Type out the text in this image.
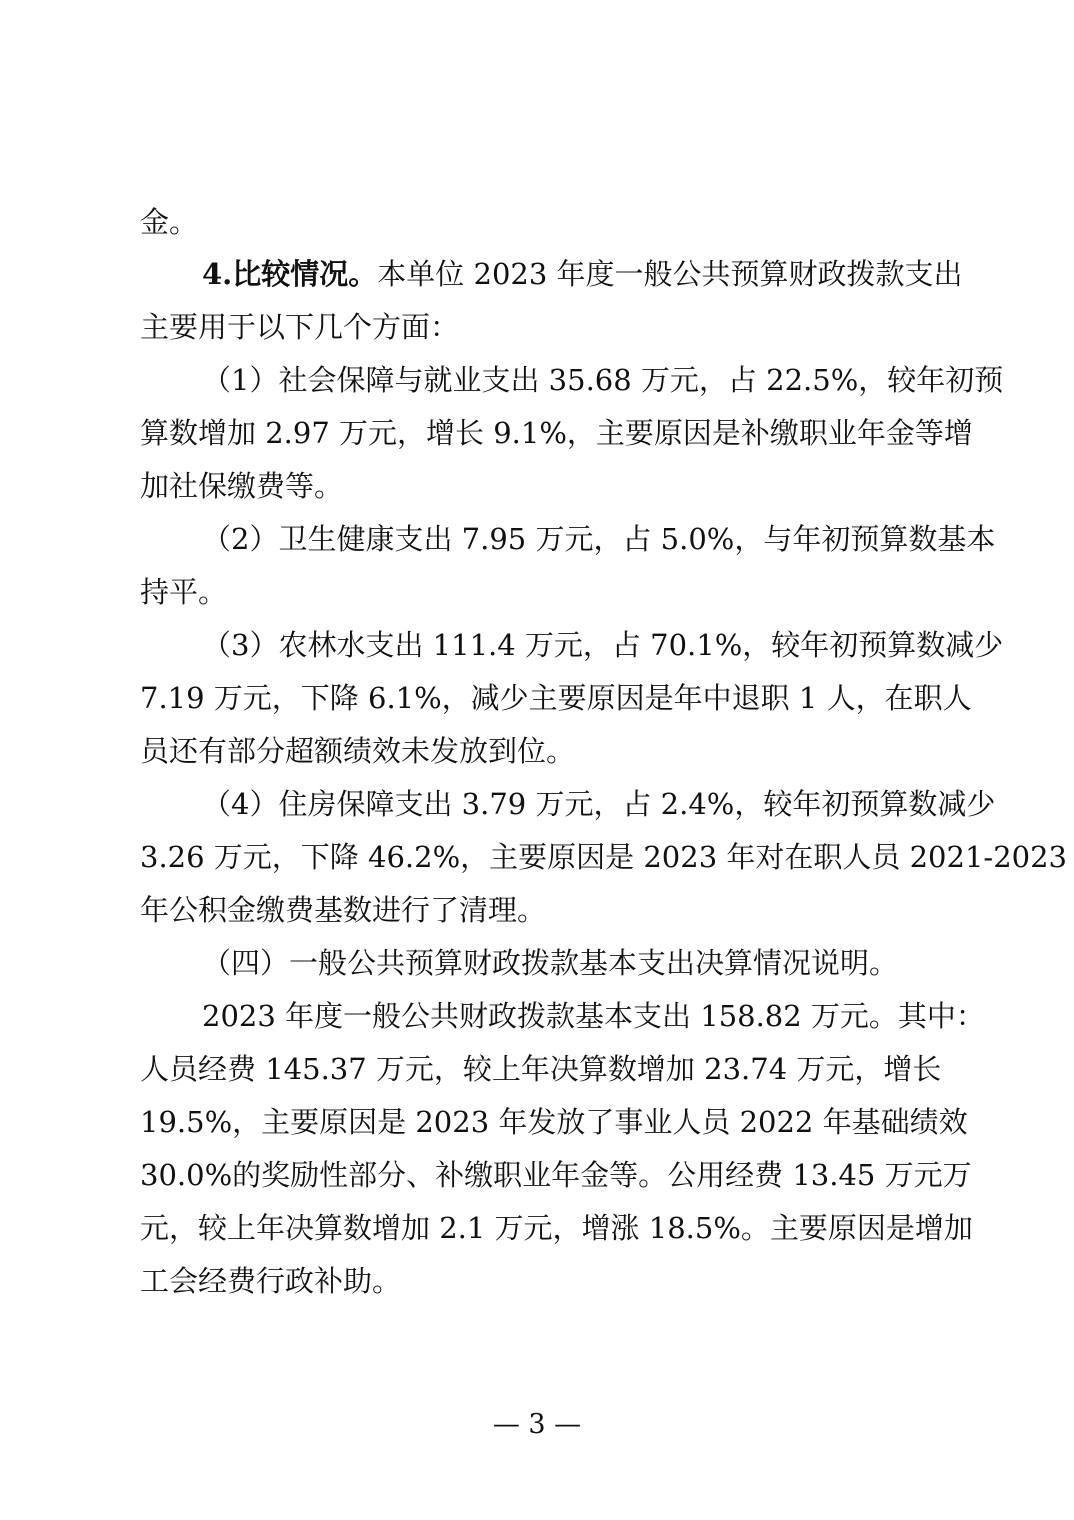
金。
4.比较情况。本单位 2023 年度一般公共预算财政拨款支出
主要用于以下几个方面：
（1）社会保障与就业支出 35.68 万元，占 22.5%，较年初预
算数增加 2.97 万元，增长 9.1%，主要原因是补缴职业年金等增
加社保缴费等。
（2）卫生健康支出 7.95 万元，占 5.0%，与年初预算数基本
持平。
（3）农林水支出 111.4 万元，占 70.1%，较年初预算数减少
7.19 万元，下降 6.1%，减少主要原因是年中退职 1 人，在职人
员还有部分超额绩效未发放到位。
（4）住房保障支出 3.79 万元，占 2.4%，较年初预算数减少
3.26 万元，下降 46.2%，主要原因是 2023 年对在职人员 2021-2023
年公积金缴费基数进行了清理。
（四）一般公共预算财政拨款基本支出决算情况说明。
2023 年度一般公共财政拨款基本支出 158.82 万元。其中：
人员经费 145.37 万元，较上年决算数增加 23.74 万元，增长
19.5%，主要原因是 2023 年发放了事业人员 2022 年基础绩效
30.0%的奖励性部分、补缴职业年金等。公用经费 13.45 万元万
元，较上年决算数增加 2.1 万元，增涨 18.5%。主要原因是增加
工会经费行政补助。
— 3 —
